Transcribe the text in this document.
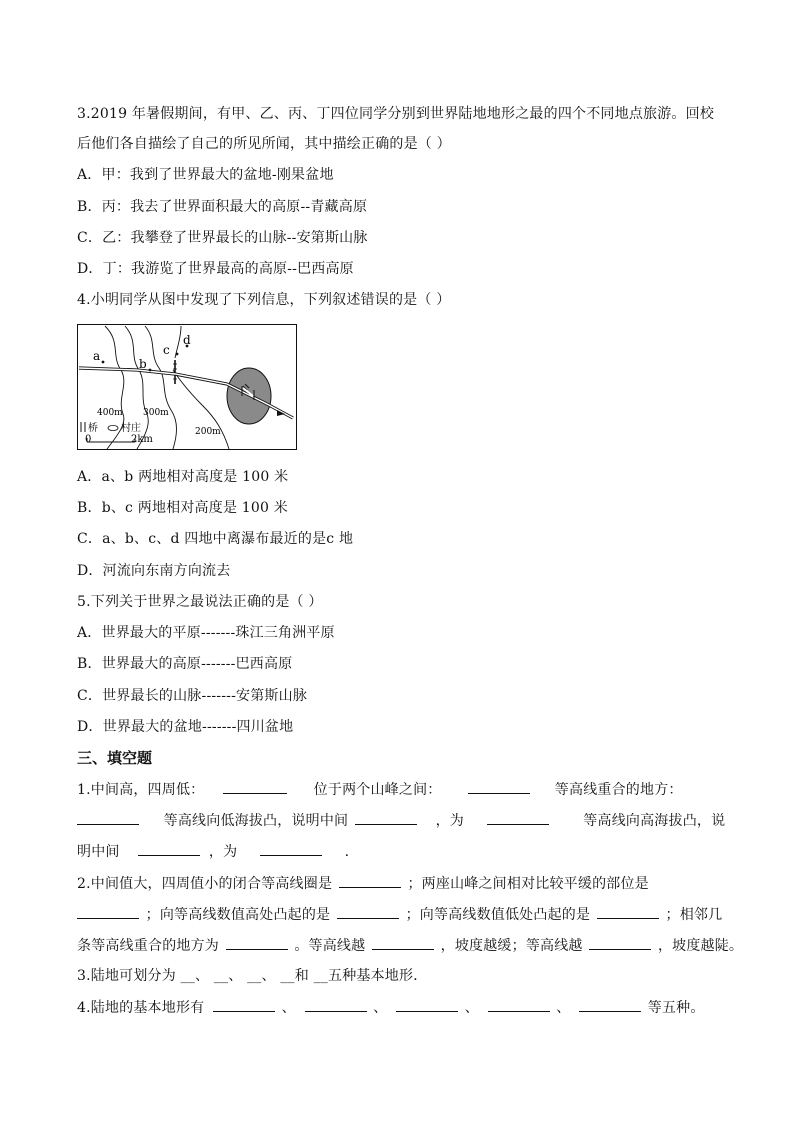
3.2019 年暑假期间，有甲、乙、丙、丁四位同学分别到世界陆地地形之最的四个不同地点旅游。回校
后他们各自描绘了自己的所见所闻，其中描绘正确的是（ ）
A．甲：我到了世界最大的盆地-刚果盆地
B．丙：我去了世界面积最大的高原--青藏高原
C．乙：我攀登了世界最长的山脉--安第斯山脉
D．丁：我游览了世界最高的高原--巴西高原
4.小明同学从图中发现了下列信息，下列叙述错误的是（ ）
a
b
c
d
400m 300m
200m
桥 村庄
0	2km
A．a、b 两地相对高度是 100 米
B．b、c 两地相对高度是 100 米
C．a、b、c、d 四地中离瀑布最近的是c 地
D．河流向东南方向流去
5.下列关于世界之最说法正确的是（ ）
A．世界最大的平原-------珠江三角洲平原
B．世界最大的高原-------巴西高原
C．世界最长的山脉-------安第斯山脉
D．世界最大的盆地-------四川盆地
三、填空题
1.中间高，四周低：	位于两个山峰之间：	等高线重合的地方：
等高线向低海拔凸，说明中间	，为	等高线向高海拔凸，说
明中间	，为	.
2.中间值大，四周值小的闭合等高线圈是	；两座山峰之间相对比较平缓的部位是
；向等高线数值高处凸起的是	；向等高线数值低处凸起的是	；相邻几
条等高线重合的地方为	。等高线越	，坡度越缓；等高线越	，坡度越陡。
3.陆地可划分为 __、 __、 __、 __和 __五种基本地形．
4.陆地的基本地形有	、	、	、	、	等五种。
